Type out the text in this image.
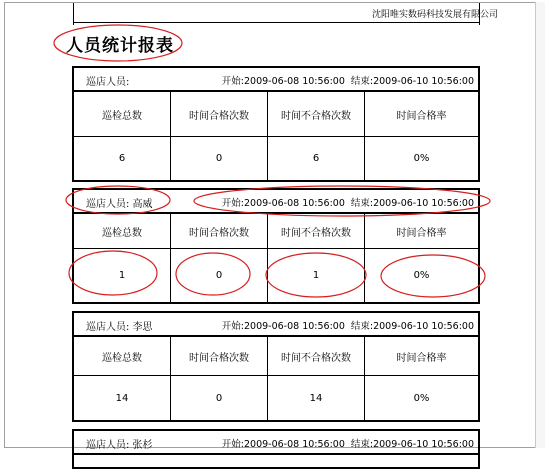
沈阳唯实数码科技发展有限公司
人员统计报表
巡店人员:	开始:2009-06-08 10:56:00 结束:2009-06-10 10:56:00
巡检总数	时间合格次数	时间不合格次数	时间合格率
6	0	6	0%
巡店人员: 高威	开始:2009-06-08 10:56:00 结束:2009-06-10 10:56:00
巡检总数	时间合格次数	时间不合格次数	时间合格率
1	0	1	0%
巡店人员: 李思	开始:2009-06-08 10:56:00 结束:2009-06-10 10:56:00
巡检总数	时间合格次数	时间不合格次数	时间合格率
14	0	14	0%
巡店人员: 张杉	开始:2009-06-08 10:56:00 结束:2009-06-10 10:56:00
